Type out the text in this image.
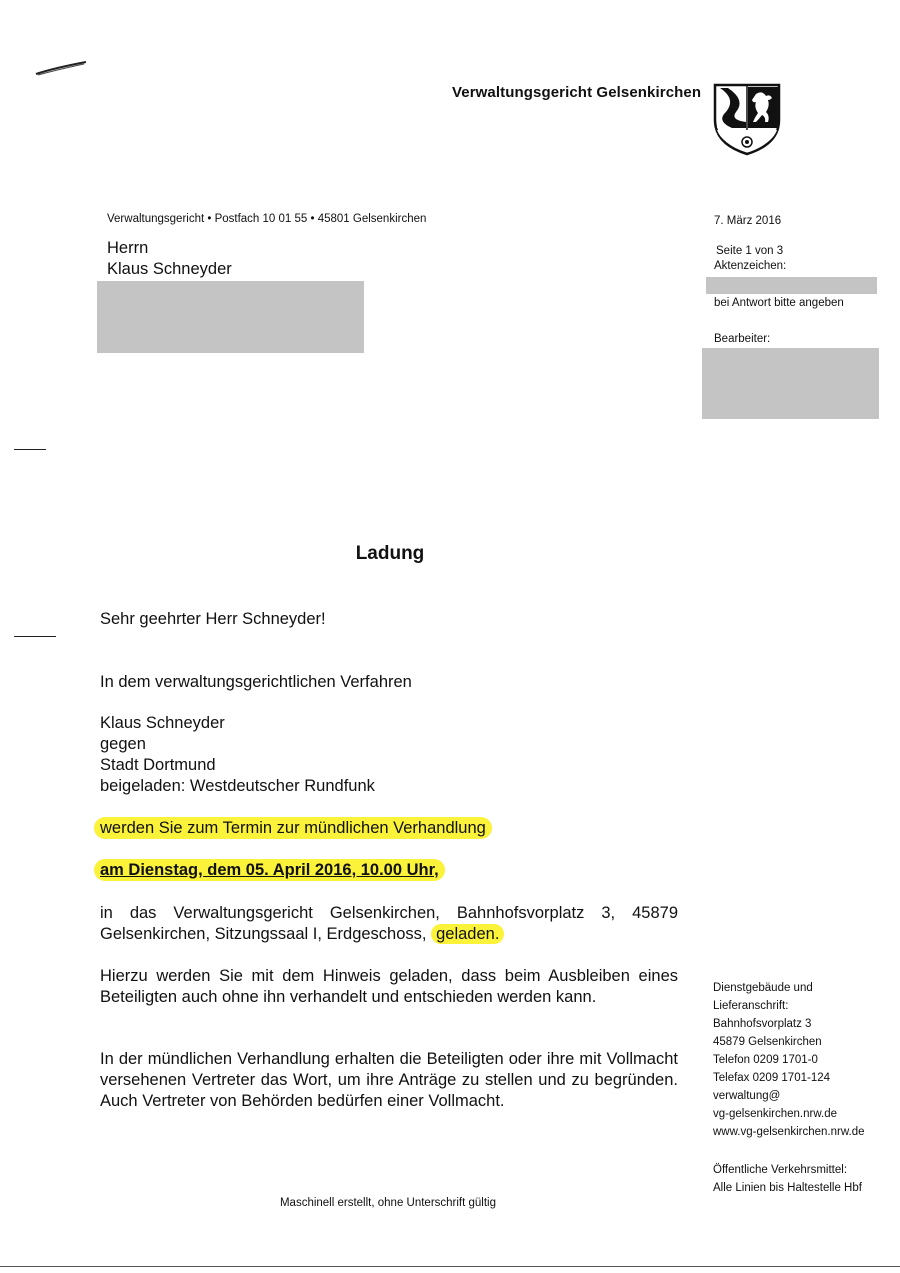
Verwaltungsgericht Gelsenkirchen
Verwaltungsgericht • Postfach 10 01 55 • 45801 Gelsenkirchen
Herrn
Klaus Schneyder
7. März 2016
Seite 1 von 3
Aktenzeichen:
bei Antwort bitte angeben
Bearbeiter:
Ladung
Sehr geehrter Herr Schneyder!
In dem verwaltungsgerichtlichen Verfahren
Klaus Schneyder
gegen
Stadt Dortmund
beigeladen: Westdeutscher Rundfunk
werden Sie zum Termin zur mündlichen Verhandlung
am Dienstag, dem 05. April 2016, 10.00 Uhr,
in das Verwaltungsgericht Gelsenkirchen, Bahnhofsvorplatz 3, 45879 Gelsenkirchen, Sitzungssaal I, Erdgeschoss, geladen.
Hierzu werden Sie mit dem Hinweis geladen, dass beim Ausbleiben eines Beteiligten auch ohne ihn verhandelt und entschieden werden kann.
In der mündlichen Verhandlung erhalten die Beteiligten oder ihre mit Vollmacht versehenen Vertreter das Wort, um ihre Anträge zu stellen und zu begründen. Auch Vertreter von Behörden bedürfen einer Vollmacht.
Dienstgebäude und
Lieferanschrift:
Bahnhofsvorplatz 3
45879 Gelsenkirchen
Telefon 0209 1701-0
Telefax 0209 1701-124
verwaltung@
vg-gelsenkirchen.nrw.de
www.vg-gelsenkirchen.nrw.de
Öffentliche Verkehrsmittel:
Alle Linien bis Haltestelle Hbf
Maschinell erstellt, ohne Unterschrift gültig
